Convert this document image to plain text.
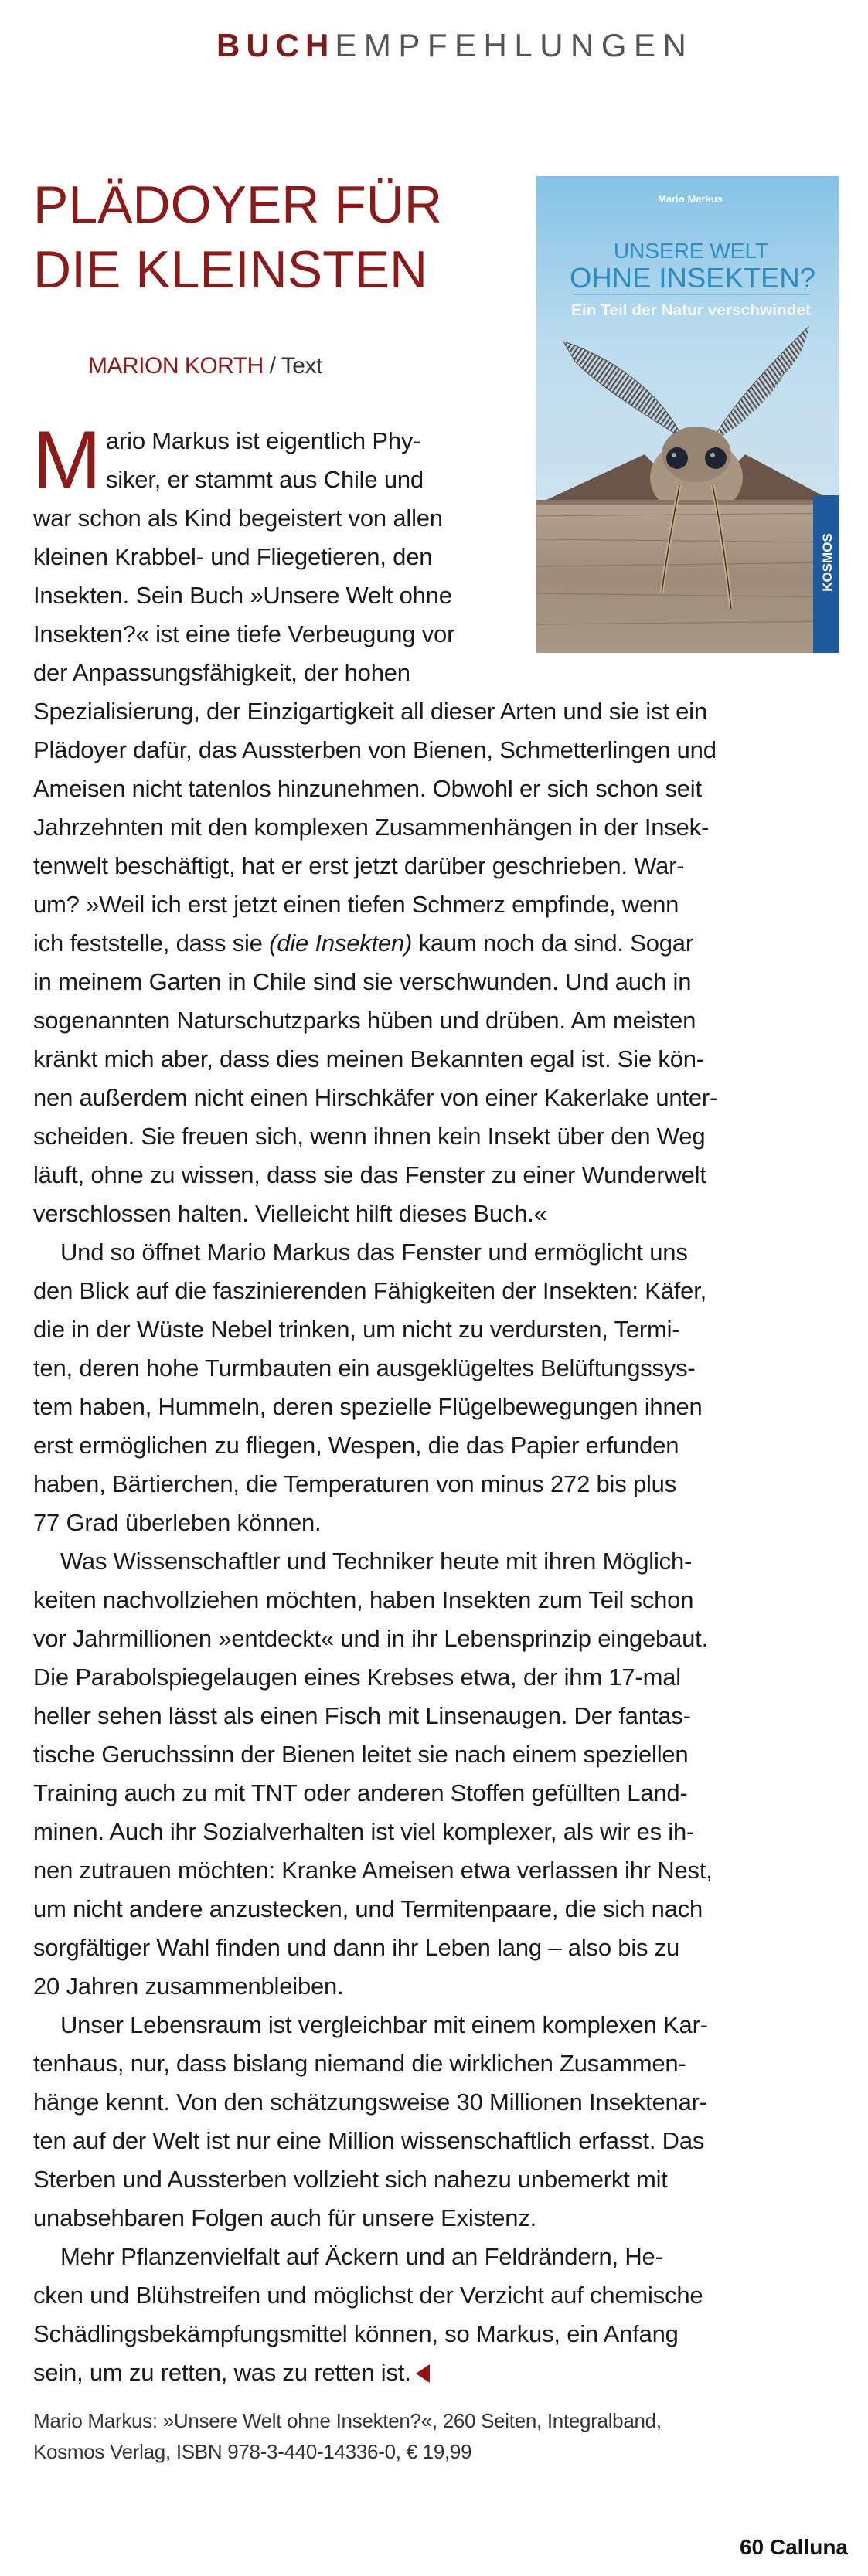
BUCHEMPFEHLUNGEN
PLÄDOYER FÜR
DIE KLEINSTEN
MARION KORTH / Text
Mario Markus
UNSERE WELT
OHNE INSEKTEN?
Ein Teil der Natur verschwindet
KOSMOS
M ario Markus ist eigentlich Phy-
siker, er stammt aus Chile und
war schon als Kind begeistert von allen
kleinen Krabbel- und Fliegetieren, den
Insekten. Sein Buch »Unsere Welt ohne
Insekten?« ist eine tiefe Verbeugung vor
der Anpassungsfähigkeit, der hohen
Spezialisierung, der Einzigartigkeit all dieser Arten und sie ist ein
Plädoyer dafür, das Aussterben von Bienen, Schmetterlingen und
Ameisen nicht tatenlos hinzunehmen. Obwohl er sich schon seit
Jahrzehnten mit den komplexen Zusammenhängen in der Insek-
tenwelt beschäftigt, hat er erst jetzt darüber geschrieben. War-
um? »Weil ich erst jetzt einen tiefen Schmerz empfinde, wenn
ich feststelle, dass sie (die Insekten) kaum noch da sind. Sogar
in meinem Garten in Chile sind sie verschwunden. Und auch in
sogenannten Naturschutzparks hüben und drüben. Am meisten
kränkt mich aber, dass dies meinen Bekannten egal ist. Sie kön-
nen außerdem nicht einen Hirschkäfer von einer Kakerlake unter-
scheiden. Sie freuen sich, wenn ihnen kein Insekt über den Weg
läuft, ohne zu wissen, dass sie das Fenster zu einer Wunderwelt
verschlossen halten. Vielleicht hilft dieses Buch.«
Und so öffnet Mario Markus das Fenster und ermöglicht uns
den Blick auf die faszinierenden Fähigkeiten der Insekten: Käfer,
die in der Wüste Nebel trinken, um nicht zu verdursten, Termi-
ten, deren hohe Turmbauten ein ausgeklügeltes Belüftungssys-
tem haben, Hummeln, deren spezielle Flügelbewegungen ihnen
erst ermöglichen zu fliegen, Wespen, die das Papier erfunden
haben, Bärtierchen, die Temperaturen von minus 272 bis plus
77 Grad überleben können.
Was Wissenschaftler und Techniker heute mit ihren Möglich-
keiten nachvollziehen möchten, haben Insekten zum Teil schon
vor Jahrmillionen »entdeckt« und in ihr Lebensprinzip eingebaut.
Die Parabolspiegelaugen eines Krebses etwa, der ihm 17-mal
heller sehen lässt als einen Fisch mit Linsenaugen. Der fantas-
tische Geruchssinn der Bienen leitet sie nach einem speziellen
Training auch zu mit TNT oder anderen Stoffen gefüllten Land-
minen. Auch ihr Sozialverhalten ist viel komplexer, als wir es ih-
nen zutrauen möchten: Kranke Ameisen etwa verlassen ihr Nest,
um nicht andere anzustecken, und Termitenpaare, die sich nach
sorgfältiger Wahl finden und dann ihr Leben lang – also bis zu
20 Jahren zusammenbleiben.
Unser Lebensraum ist vergleichbar mit einem komplexen Kar-
tenhaus, nur, dass bislang niemand die wirklichen Zusammen-
hänge kennt. Von den schätzungsweise 30 Millionen Insektenar-
ten auf der Welt ist nur eine Million wissenschaftlich erfasst. Das
Sterben und Aussterben vollzieht sich nahezu unbemerkt mit
unabsehbaren Folgen auch für unsere Existenz.
Mehr Pflanzenvielfalt auf Äckern und an Feldrändern, He-
cken und Blühstreifen und möglichst der Verzicht auf chemische
Schädlingsbekämpfungsmittel können, so Markus, ein Anfang
sein, um zu retten, was zu retten ist.
Mario Markus: »Unsere Welt ohne Insekten?«, 260 Seiten, Integralband,
Kosmos Verlag, ISBN 978-3-440-14336-0, € 19,99
60 Calluna
